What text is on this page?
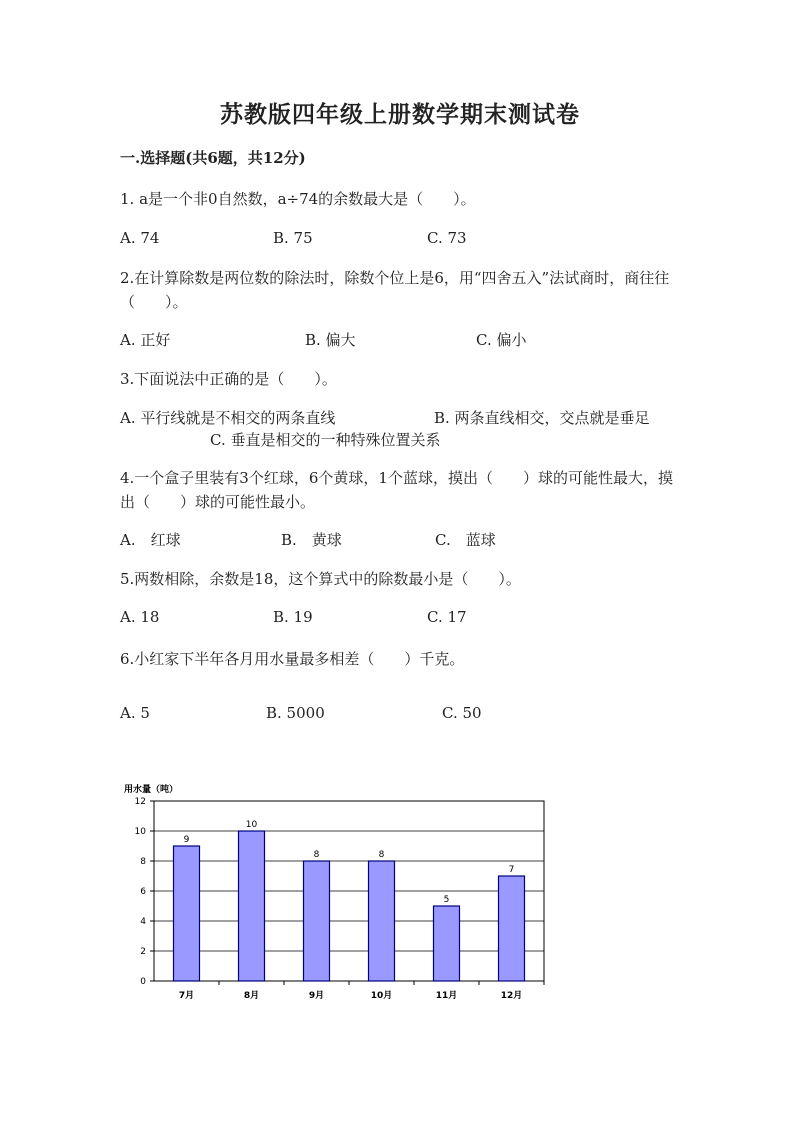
苏教版四年级上册数学期末测试卷
一.选择题(共6题，共12分)
1. a是一个非0自然数，a÷74的余数最大是（　　）。
A. 74	B. 75	C. 73
2.在计算除数是两位数的除法时，除数个位上是6，用“四舍五入”法试商时，商往往（　　）。
A. 正好	B. 偏大	C. 偏小
3.下面说法中正确的是（　　）。
A. 平行线就是不相交的两条直线	B. 两条直线相交，交点就是垂足
C. 垂直是相交的一种特殊位置关系
4.一个盒子里装有3个红球，6个黄球，1个蓝球，摸出（　　）球的可能性最大，摸出（　　）球的可能性最小。
A.　红球	B.　黄球	C.　蓝球
5.两数相除，余数是18，这个算式中的除数最小是（　　）。
A. 18	B. 19	C. 17
6.小红家下半年各月用水量最多相差（　　）千克。
A. 5	B. 5000	C. 50
用水量（吨）
0
2
4
6
8
10
12
9
7月
10
8月
8
9月
8
10月
5
11月
7
12月
